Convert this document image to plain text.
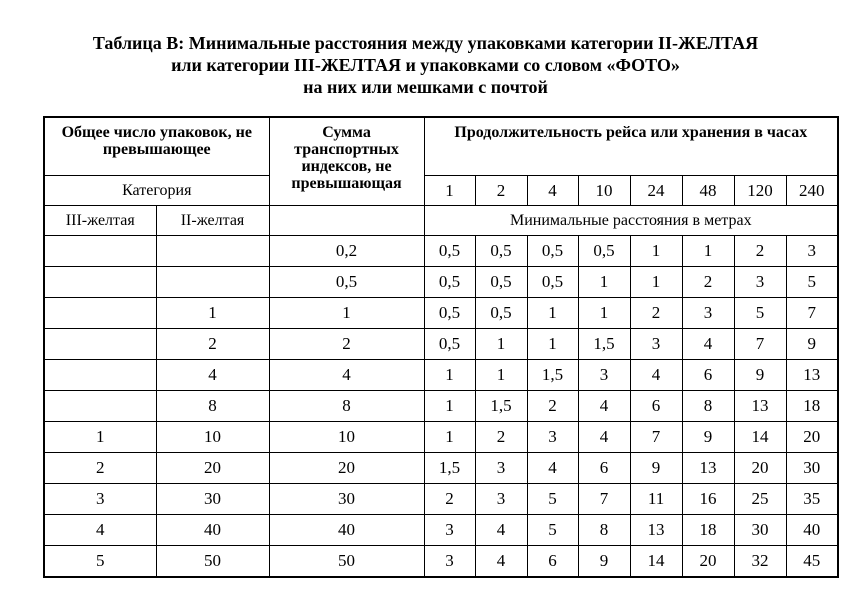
Таблица В: Минимальные расстояния между упаковками категории II-ЖЕЛТАЯ
или категории III-ЖЕЛТАЯ и упаковками со словом «ФОТО»
на них или мешками с почтой
Общее число упаковок, не превышающее		Сумма транспортных индексов, не превышающая	Продолжительность рейса или хранения в часах							
Категория			1	2	4	10	24	48	120	240
III-желтая	II-желтая		Минимальные расстояния в метрах							
		0,2	0,5	0,5	0,5	0,5	1	1	2	3
		0,5	0,5	0,5	0,5	1	1	2	3	5
	1	1	0,5	0,5	1	1	2	3	5	7
	2	2	0,5	1	1	1,5	3	4	7	9
	4	4	1	1	1,5	3	4	6	9	13
	8	8	1	1,5	2	4	6	8	13	18
1	10	10	1	2	3	4	7	9	14	20
2	20	20	1,5	3	4	6	9	13	20	30
3	30	30	2	3	5	7	11	16	25	35
4	40	40	3	4	5	8	13	18	30	40
5	50	50	3	4	6	9	14	20	32	45
